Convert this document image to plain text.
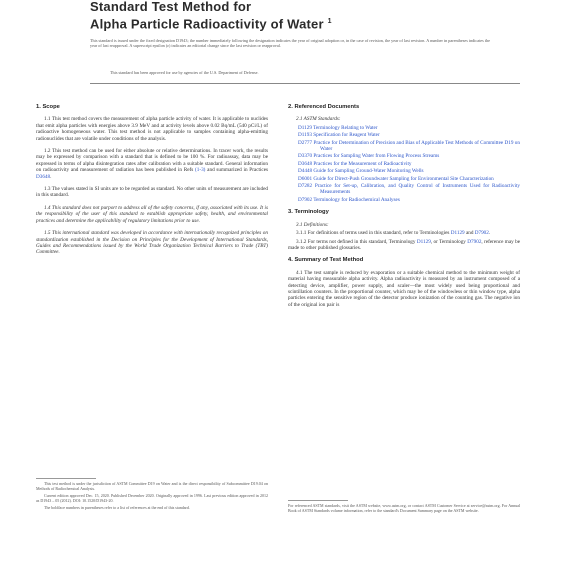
Standard Test Method for
Alpha Particle Radioactivity of Water $^1$
This standard is issued under the fixed designation D1943; the number immediately following the designation indicates the year of original adoption or, in the case of revision, the year of last revision. A number in parentheses indicates the year of last reapproval. A superscript epsilon (ε) indicates an editorial change since the last revision or reapproval.
This standard has been approved for use by agencies of the U.S. Department of Defense.
1. Scope
1.1 This test method covers the measurement of alpha particle activity of water. It is applicable to nuclides that emit alpha particles with energies above 3.9 MeV and at activity levels above 0.02 Bq/mL (540 pCi/L) of radioactive homogeneous water. This test method is not applicable to samples containing alpha-emitting radionuclides that are volatile under conditions of the analysis.
1.2 This test method can be used for either absolute or relative determinations. In tracer work, the results may be expressed by comparison with a standard that is defined to be 100 %. For radioassay, data may be expressed in terms of alpha disintegration rates after calibration with a suitable standard. General information on radioactivity and measurement of radiation has been published in Refs (1-3) and summarized in Practices D3648.
1.3 The values stated in SI units are to be regarded as standard. No other units of measurement are included in this standard.
1.4 This standard does not purport to address all of the safety concerns, if any, associated with its use. It is the responsibility of the user of this standard to establish appropriate safety, health, and environmental practices and determine the applicability of regulatory limitations prior to use.
1.5 This international standard was developed in accordance with internationally recognized principles on standardization established in the Decision on Principles for the Development of International Standards, Guides and Recommendations issued by the World Trade Organization Technical Barriers to Trade (TBT) Committee.
This test method is under the jurisdiction of ASTM Committee D19 on Water and is the direct responsibility of Subcommittee D19.04 on Methods of Radiochemical Analysis.
Current edition approved Dec. 15, 2020. Published December 2020. Originally approved in 1996. Last previous edition approved in 2012 as D1943 – 05 (2012). DOI: 10.1520/D1943-20.
The boldface numbers in parentheses refer to a list of references at the end of this standard.
2. Referenced Documents
2.1 ASTM Standards:
D1129 Terminology Relating to Water
D1193 Specification for Reagent Water
D2777 Practice for Determination of Precision and Bias of Applicable Test Methods of Committee D19 on Water
D3370 Practices for Sampling Water from Flowing Process Streams
D3648 Practices for the Measurement of Radioactivity
D4448 Guide for Sampling Ground-Water Monitoring Wells
D6001 Guide for Direct-Push Groundwater Sampling for Environmental Site Characterization
D7282 Practice for Set-up, Calibration, and Quality Control of Instruments Used for Radioactivity Measurements
D7902 Terminology for Radiochemical Analyses
3. Terminology
3.1 Definitions:
3.1.1 For definitions of terms used in this standard, refer to Terminologies D1129 and D7902.
3.1.2 For terms not defined in this standard, Terminology D1129, or Terminology D7902, reference may be made to other published glossaries.
4. Summary of Test Method
4.1 The test sample is reduced by evaporation or a suitable chemical method to the minimum weight of material having measurable alpha activity. Alpha radioactivity is measured by an instrument composed of a detecting device, amplifier, power supply, and scaler—the most widely used being proportional and scintillation counters. In the proportional counter, which may be of the windowless or thin window type, alpha particles entering the sensitive region of the detector produce ionization of the counting gas. The negative ion of the original ion pair is
For referenced ASTM standards, visit the ASTM website, www.astm.org, or contact ASTM Customer Service at service@astm.org. For Annual Book of ASTM Standards volume information, refer to the standard's Document Summary page on the ASTM website.
